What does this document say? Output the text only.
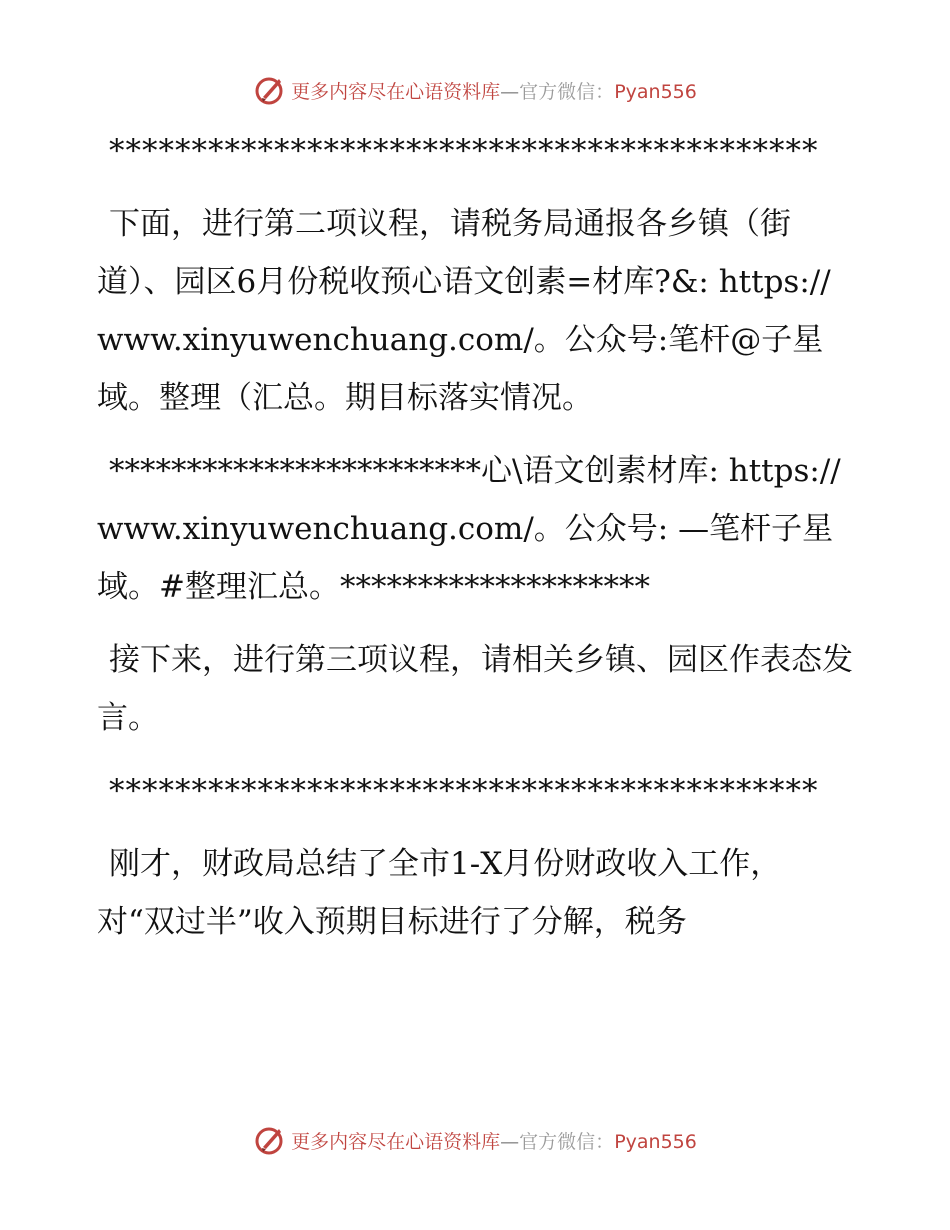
更多内容尽在心语资料库—官方微信：Pyan556

*******************************************

下面，进行第二项议程，请税务局通报各乡镇（街道）、园区6月份税收预心语文创素=材库?&: https://www.xinyuwenchuang.com/。公众号:笔杆@子星域。整理（汇总。期目标落实情况。

************************心\语文创素材库: https://www.xinyuwenchuang.com/。公众号: —笔杆子星域。#整理汇总。********************

接下来，进行第三项议程，请相关乡镇、园区作表态发言。

*******************************************

刚才，财政局总结了全市1-X月份财政收入工作，对“双过半”收入预期目标进行了分解，税务

更多内容尽在心语资料库—官方微信：Pyan556
